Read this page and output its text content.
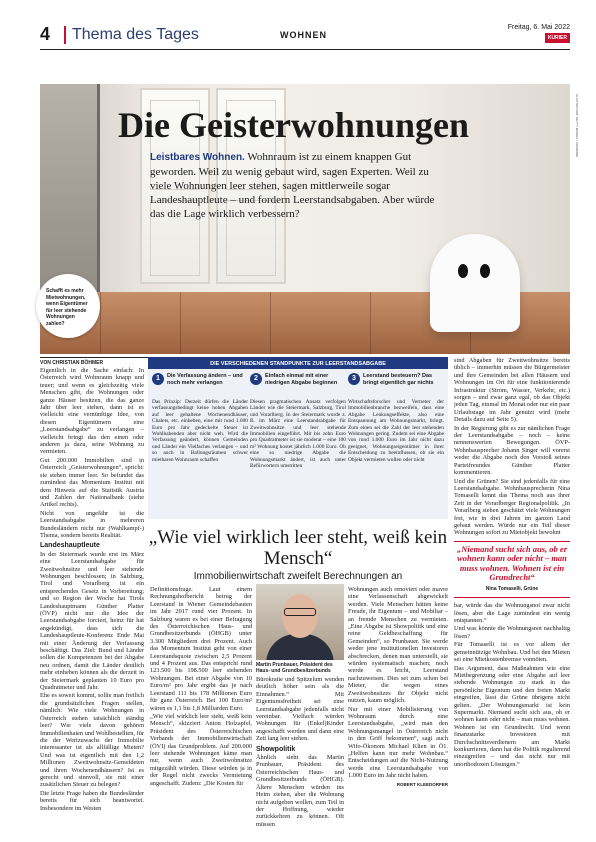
4	Thema des Tages	WOHNEN
Freitag, 6. Mai 2022
KURIER
Die Geisterwohnungen

Leistbares Wohnen. Wohnraum ist zu einem knappen Gut geworden. Weil zu wenig gebaut wird, sagen Experten. Weil zu viele Wohnungen leer stehen, sagen mittlerweile sogar Landeshauptleute – und fordern Leerstandsabgaben. Aber würde das die Lage wirklich verbessern?

Schafft es mehr Mietwohnungen, wenn Eigentümer für leer stehende Wohnungen zahlen?
ILLUSTRATION: GETTY IMAGES / SOMEONE
VON CHRISTIAN BÖHMER

Eigentlich in die Sache einfach: In Österreich wird Wohnraum knapp und teuer; und wenn es gleichzeitig viele Menschen gibt, die Wohnungen oder ganze Häuser besitzen, die das ganze Jahr über leer stehen, dann ist es vielleicht eine vernünftige Idee, von diesen Eigentümern eine „Leerstandsabgabe“ zu verlangen – vielleicht bringt das den einen oder anderen ja dazu, seine Wohnung zu vermieten.

Gut 200.000 Immobilien sind in Österreich „Geisterwohnungen“, spricht: sie stehen immer leer. So befundet das zumindest das Momentum Institut mit dem Hinweis auf die Statistik Austria und Zahlen der Nationalbank (siehe Artikel rechts).

Nicht von ungefähr ist die Leerstandsabgabe in mehreren Bundesländern nicht nur (Wahlkampf-) Thema, sondern bereits Realität.

Landeshauptleute

In der Steiermark wurde erst im März eine Leerstandsabgabe für Zweitwohnsitze und leer stehende Wohnungen beschlossen; in Salzburg, Tirol und Vorarlberg ist ein entsprechendes Gesetz in Vorbereitung; und so Region der Woche hat Tirols Landeshauptmann Günther Platter (ÖVP) nicht nur die Idee der Leerstandsabgabe forciert, heinz für hat angekündigt, dass sich die Landeshauptleute-Konferenz Ende Mai mit einer Änderung der Verfassung beschäftigt. Das Ziel: Bund und Länder sollen die Kompetenzen bei der Abgabe neu ordnen, damit die Länder deutlich mehr einheben können als die derzeit in der Steiermark geplanten 10 Euro pro Quadratmeter und Jahr.

Ehe es soweit kommt, sollte man freilich die grundsätzlichen Fragen stellen, nämlich: Wie viele Wohnungen in Österreich stehen tatsächlich ständig leer? Wie viele davon gehören Immobilienhaien und Wohlbestellten, für die der Wertzuwachs der Immobilie interessanter ist als allfällige Mieten? Und was ist eigentlich mit den 1,2 Millionen Zweitwohnsitz-Gemeldeten und ihren Wochenendhäusern? Ist es gerecht und sinnvoll, sie mit einer zusätzlichen Steuer zu belegen?

Die letzte Frage haben die Bundesländer bereits für sich beantwortet. Insbesondere im Westen

DIE VERSCHIEDENEN STANDPUNKTE ZUR LEERSTANDSABGABE
1	Die Verfassung ändern – und noch mehr verlangen
Das Prinzip: Derzeit dürfen die Länder verfassungsbedingt keine hohen Abgaben auf leer gehaltene Wochenendhäuser, Chalets, etc. einheben, eine mit rund 1.000 Euro pro Jahr gedeckelte Steuer ist Wohlhabenden aber nicht weh. Wird die Verfassung geändert, können Gemeinden und Länder ein Vielfaches verlangen – und so auch in Ballungsräumen schwer mietbaren Wohnraum schaffen
2	Einfach einmal mit einer niedrigen Abgabe beginnen
Diesen pragmatischen Ansatz verfolgen Länder wie die Steiermark, Salzburg, Tirol und Vorarlberg. In der Steiermark wurde z. B. im März eine Leerstandsabgabe für Zweitwohnsitze und leer stehende Immobilien eingeführt. Mit bis zehn Euro pro Quadratmeter ist sie moderat – eine 100 m² Wohnung kostet jährlich 1.000 Euro. Ob eine so niedrige Abgabe die Wohnungsmarkt ändert, ist auch unter Befürwortern umstritten
3	Leerstand besteuern? Das bringt eigentlich gar nichts
Wirtschaftsforscher und Vertreter der Immobilienbranche bezweifeln, dass eine Abgabe Lenkungseffekte, also eine Entspannung am Wohnungsmarkt, bringt. Zum einen sei die Zahl der leer stehenden Wohnungen gering. Zudem sei eine Abgabe von rund 1.000 Euro im Jahr nicht dazu geeignet, Wohnungseigentümer in ihrer Entscheidung zu beeinflussen, ob sie ein Objekt vermieten wollen oder nicht
„Wie viel wirklich leer steht, weiß kein Mensch“
Immobilienwirtschaft zweifelt Berechnungen an

Definitionsfrage. Laut einem Rechnungshofbericht betrug der Leerstand in Wiener Gemeindebauten im Jahr 2017 rund vier Prozent. In Salzburg waren es bei einer Befragung des Österreichischen Haus- und Grundbesitzerbunds (ÖHGB) unter 3.300 Mitgliedern drei Prozent. Auch das Momentum Institut geht von einer Leerstandsquote zwischen 2,5 Prozent und 4 Prozent aus. Das entspricht rund 123.500 bis 198.500 leer stehenden Wohnungen. Bei einer Abgabe von 10 Euro/m² pro Jahr ergibt das je nach Leerstand 111 bis 178 Millionen Euro für ganz Österreich. Bei 100 Euro/m² wären es 1,1 bis 1,8 Milliarden Euro.

„Wie viel wirklich leer steht, weiß kein Mensch“, skizziert Anton Holzapfel, Präsident des Österreichischen Verbands der Immobilienwirtschaft (ÖVI) das Grundproblem. Auf 200.000 leer stehende Wohnungen käme man nur, wenn auch Zweitwohnsitze mitgezählt würden. Diese würden ja in der Regel nicht zwecks Vermietung angeschafft. Zudem: „Die Kosten für

Martin Prunbauer, Präsident des Haus- und Grundbesitzerbunds

Bürokratie und Spitzelum wenden deutlich höher sein als die Einnahmen.“ Mit Eigentumsfreiheit sei eine Leerstandsabgabe jedenfalls nicht vereinbar. Vielfach würden Wohnungen für (Enkel)Kinder angeschafft werden und dann eine Zeit lang leer stehen.

Showpolitik

Ähnlich sieht das Martin Prunbauer, Präsident des Österreichischen Haus- und Grundbesitzerbunds (ÖHGB). Ältere Menschen würden ins Heim ziehen, aber die Wohnung nicht aufgeben wollen, zum Teil in der Hoffnung, wieder zurückkehren zu können. Oft müssen

Wohnungen auch renoviert oder mavre eine Verlassenschaft abgewickelt werden. Viele Menschen hätten keine Freude, ihr Eigentum – und Mobiliar – an fremde Menschen zu vermieten. „Eine Abgabe ist Showpolitik und eine reine Geldbeschaffung für Gemeinden“, so Prunbauer. Sie werde weder jene institutionellen Investoren abschrecken, denen man unterstellt, sie würden systematisch machen; noch werde es leicht, Leerstand nachzuweisen. Dies sei zum schon bei Mieter, die wegen eines Zweitwohnsitzes ihr Objekt nicht nutzen, kaum möglich.

Nur mit einer Mobilisierung von Wohnraum durch eine Leerstandsabgabe, „wird man den Wohnungsmangel in Österreich nicht in den Griff bekommen“, sagt auch Wifo-Ökonom Michael Klien in Ö1. „Helfen kann nur mehr Wohnbau.“ Entscheidungen auf die Nicht-Nutzung werde eine Leerstandsabgabe von 1.000 Euro im Jahr nicht haben.

ROBERT KLEEDORFER

sind Abgaben für Zweitwohnsitze bereits üblich – immerhin müssen die Bürgermeister und ihre Gemeinden bei allen Häusern und Wohnungen im Ort für eine funktionierende Infrastruktur (Strom, Wasser, Verkehr, etc.) sorgen – und zwar ganz egal, ob das Objekt jeden Tag, einmal im Monat oder nur ein paar Urlaubstage im Jahr genutzt wird (mehr Details dazu auf Seite 5).

In der Regierung gibt es zur nämlichen Frage der Leerstandsabgabe – noch – keine nennenswerten Bewegungen. ÖVP-Wohnbausprecher Johann Singer will vorerst weder die Abgabe noch den Vorstoß seines Parteifreundes Günther Platter kommentieren.

Und die Grünen? Sie sind jedenfalls für eine Leerstandsabgabe. Wohnbausprecherin Nina Tomaselli kennt das Thema noch aus ihrer Zeit in der Vorarlberger Regionalpolitik. „In Vorarlberg stehen geschätzt viele Wohnungen frei, wie in drei Jahren im ganzen Land gebaut werden. Würde nur ein Teil dieser Wohnungen sofort zu Mietobjekt bewohnt

„Niemand sucht sich aus, ob er wohnen kann oder nicht – man muss wohnen. Wohnen ist ein Grundrecht“
Nina Tomaselli, Grüne

bar, würde das die Wohnungsnot zwar nicht lösen, aber die Lage zumindest ein wenig entspannen.“

Und was könnte die Wohnungsnot nachhaltig lösen?

Für Tomaselli ist es vor allem der gemeinnützige Wohnbau. Und bei den Mieten sei eine Mietkostenbremse vonnöten.

Das Argument, dass Maßnahmen wie eine Mietbegrenzung oder eine Abgabe auf leer stehende Wohnungen zu stark in das persönliche Eigentum und den freien Markt eingreifen, lässt die Grüne übrigens nicht gelten. „Der Wohnungsmarkt ist kein Supermarkt. Niemand sucht sich aus, ob er wohnen kann oder nicht – man muss wohnen. Wohnen ist ein Grundrecht. Und wenn finanzstarke Investoren mit Durchschnittsverdienern am Markt konkurrieren, dann hat die Politik regulierend einzugreifen – und das nicht nur mit unorthodoxen Lösungen.“
